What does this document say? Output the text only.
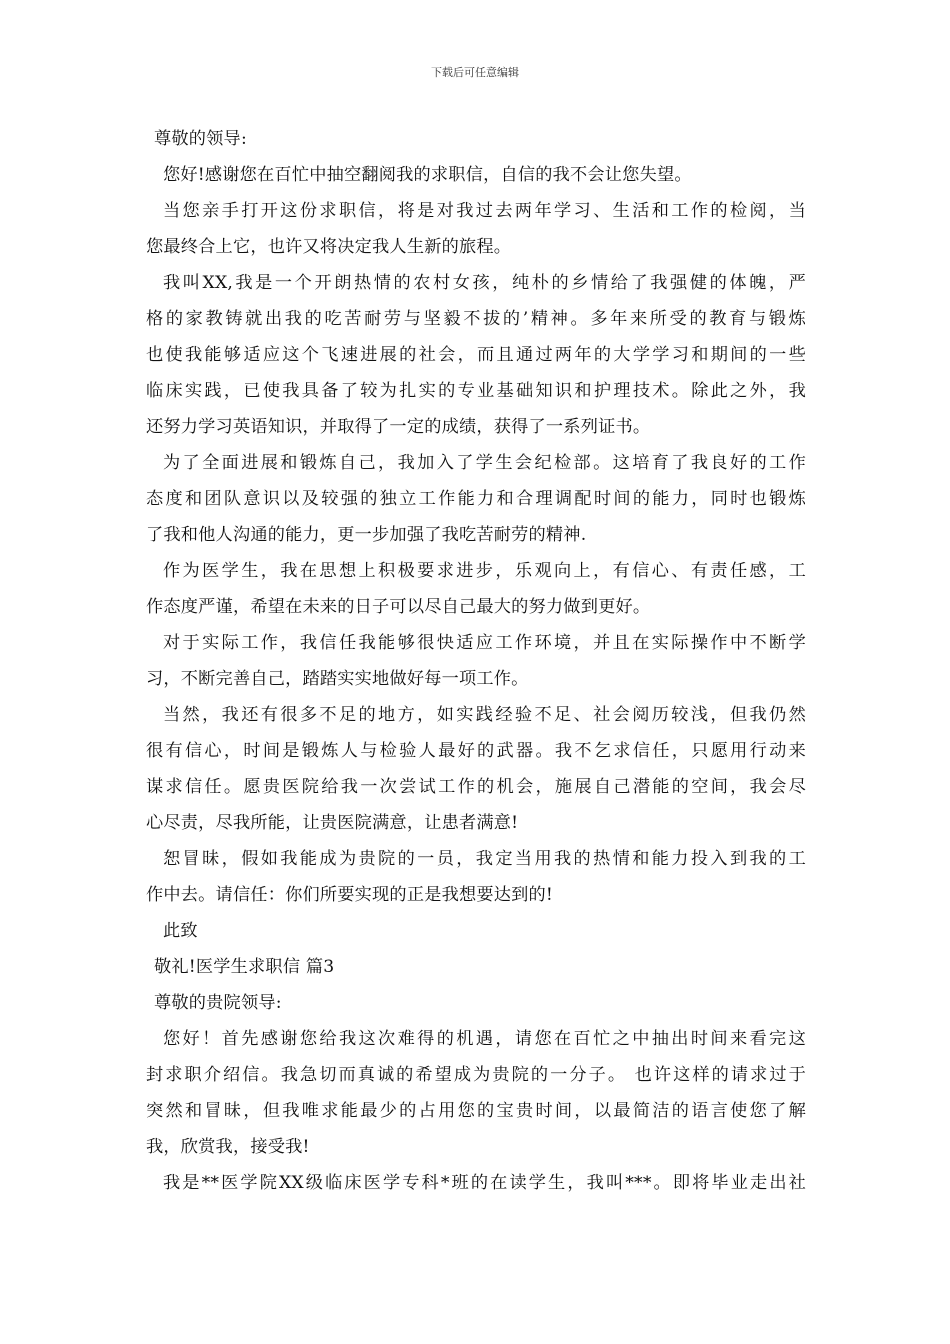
下载后可任意编辑
尊敬的领导:
您好!感谢您在百忙中抽空翻阅我的求职信，自信的我不会让您失望。
当您亲手打开这份求职信，将是对我过去两年学习、生活和工作的检阅，当
您最终合上它，也许又将决定我人生新的旅程。
我叫XX,我是一个开朗热情的农村女孩，纯朴的乡情给了我强健的体魄，严
格的家教铸就出我的吃苦耐劳与坚毅不拔的’精神。多年来所受的教育与锻炼
也使我能够适应这个飞速进展的社会，而且通过两年的大学学习和期间的一些
临床实践，已使我具备了较为扎实的专业基础知识和护理技术。除此之外，我
还努力学习英语知识，并取得了一定的成绩，获得了一系列证书。
为了全面进展和锻炼自己，我加入了学生会纪检部。这培育了我良好的工作
态度和团队意识以及较强的独立工作能力和合理调配时间的能力，同时也锻炼
了我和他人沟通的能力，更一步加强了我吃苦耐劳的精神.
作为医学生，我在思想上积极要求进步，乐观向上，有信心、有责任感，工
作态度严谨，希望在未来的日子可以尽自己最大的努力做到更好。
对于实际工作，我信任我能够很快适应工作环境，并且在实际操作中不断学
习，不断完善自己，踏踏实实地做好每一项工作。
当然，我还有很多不足的地方，如实践经验不足、社会阅历较浅，但我仍然
很有信心，时间是锻炼人与检验人最好的武器。我不乞求信任，只愿用行动来
谋求信任。愿贵医院给我一次尝试工作的机会，施展自己潜能的空间，我会尽
心尽责，尽我所能，让贵医院满意，让患者满意!
恕冒昧，假如我能成为贵院的一员，我定当用我的热情和能力投入到我的工
作中去。请信任：你们所要实现的正是我想要达到的!
此致
敬礼!医学生求职信 篇3
尊敬的贵院领导:
您好！首先感谢您给我这次难得的机遇，请您在百忙之中抽出时间来看完这
封求职介绍信。我急切而真诚的希望成为贵院的一分子。 也许这样的请求过于
突然和冒昧，但我唯求能最少的占用您的宝贵时间，以最简洁的语言使您了解
我，欣赏我，接受我!
我是**医学院XX级临床医学专科*班的在读学生，我叫***。即将毕业走出社
